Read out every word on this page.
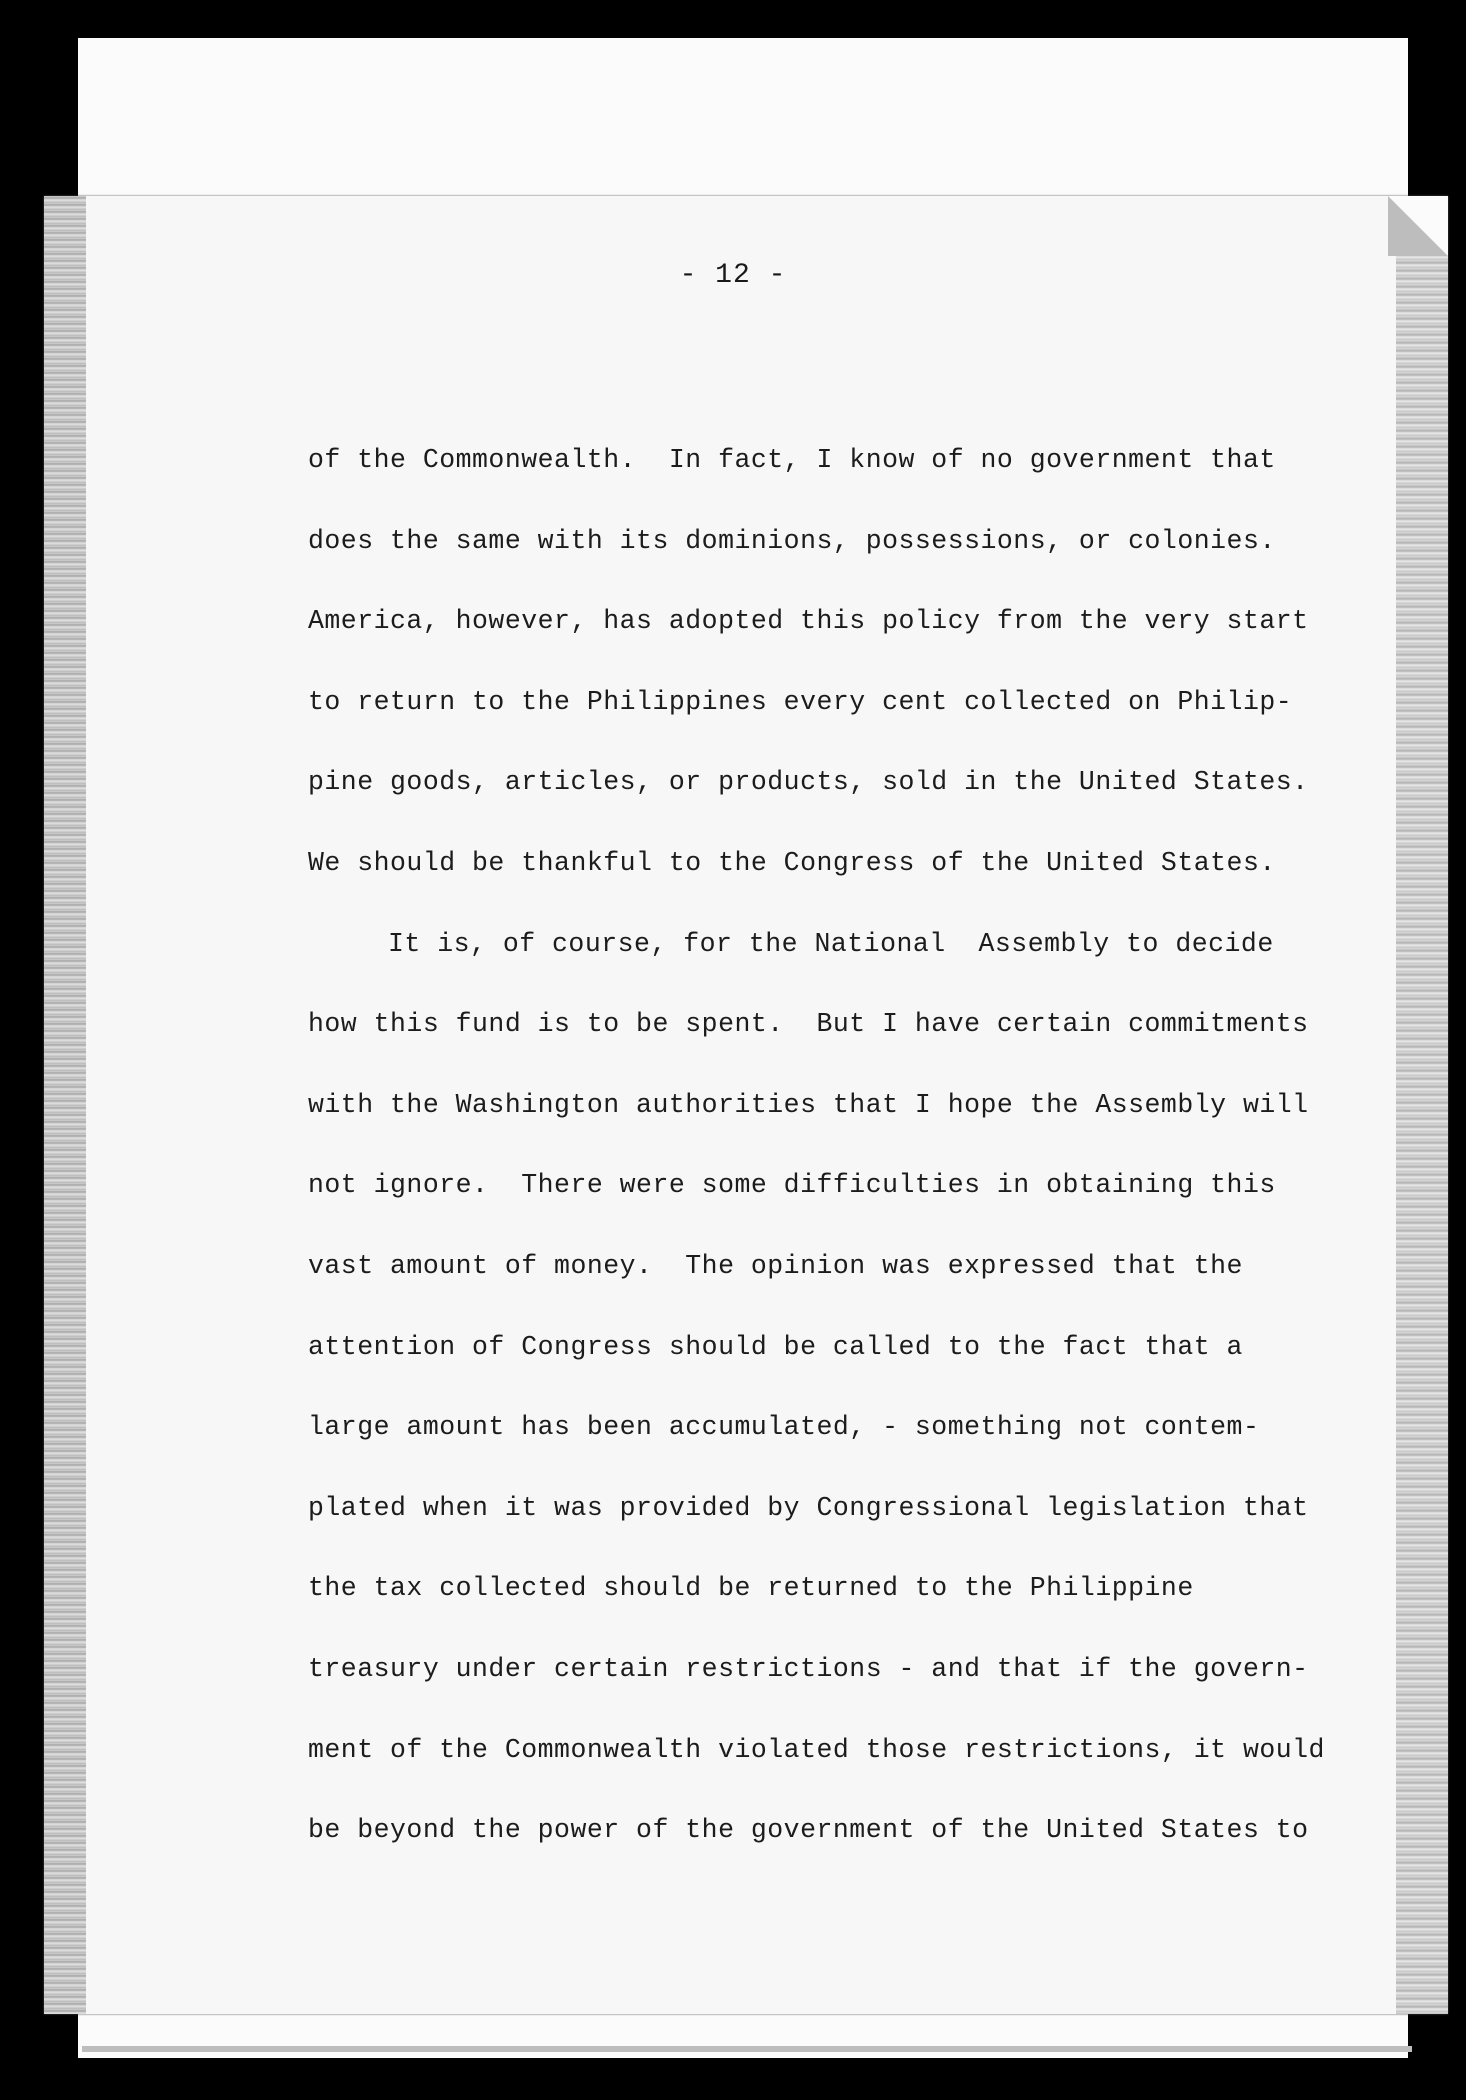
- 12 -
of the Commonwealth.  In fact, I know of no government that
does the same with its dominions, possessions, or colonies.
America, however, has adopted this policy from the very start
to return to the Philippines every cent collected on Philip-
pine goods, articles, or products, sold in the United States.
We should be thankful to the Congress of the United States.
It is, of course, for the National  Assembly to decide
how this fund is to be spent.  But I have certain commitments
with the Washington authorities that I hope the Assembly will
not ignore.  There were some difficulties in obtaining this
vast amount of money.  The opinion was expressed that the
attention of Congress should be called to the fact that a
large amount has been accumulated, - something not contem-
plated when it was provided by Congressional legislation that
the tax collected should be returned to the Philippine
treasury under certain restrictions - and that if the govern-
ment of the Commonwealth violated those restrictions, it would
be beyond the power of the government of the United States to
